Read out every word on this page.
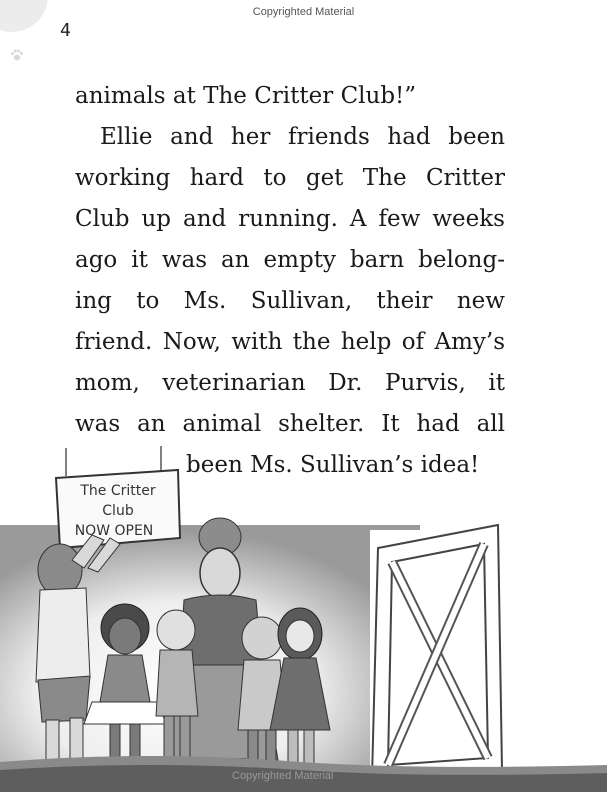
Copyrighted Material
4

animals at The Critter Club!”

Ellie and her friends had been
working hard to get The Critter
Club up and running. A few weeks
ago it was an empty barn belong-
ing to Ms. Sullivan, their new
friend. Now, with the help of Amy’s
mom, veterinarian Dr. Purvis, it
was an animal shelter. It had all

been Ms. Sullivan’s idea!

The Critter
Club
NOW OPEN
Copyrighted Material
